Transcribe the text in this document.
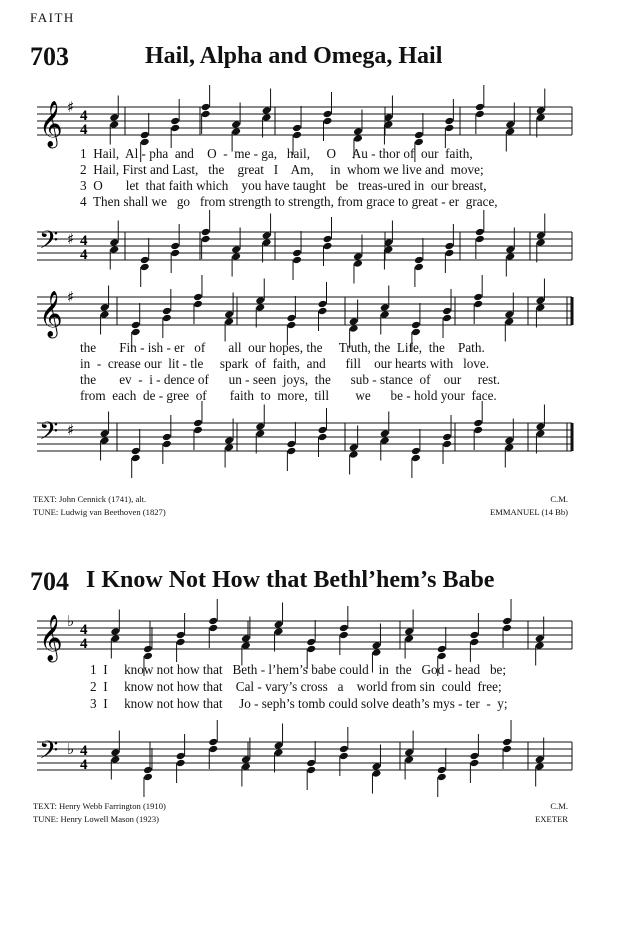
FAITH
703	Hail, Alpha and Omega, Hail
𝄞 ♯ 4
4
1  Hail,  Al - pha  and    O  -  me - ga,   hail,     O     Au - thor of  our  faith,
2  Hail, First and Last,   the    great   I    Am,     in  whom we live and  move;
3  O       let  that faith which    you have taught   be   treas-ured in  our breast,
4  Then shall we   go   from strength to strength, from grace to great - er  grace,
𝄢 ♯ 4
4
𝄞 ♯
the       Fin - ish - er   of       all  our hopes, the     Truth, the  Life,  the    Path.
in  -  crease our  lit - tle     spark  of  faith,  and      fill    our hearts with   love.
the       ev  -  i - dence of      un - seen  joys,  the      sub - stance  of    our     rest.
from  each  de - gree  of       faith  to  more,  till        we      be - hold your  face.
𝄢 ♯
TEXT: John Cennick (1741), alt.
TUNE: Ludwig van Beethoven (1827)
C.M.
EMMANUEL (14 Bb)
704 I Know Not How that Bethl’hem’s Babe
𝄞 ♭ 4
4
1  I     know not how that   Beth - l’hem’s babe could   in  the   God - head   be;
2  I     know not how that    Cal - vary’s cross   a    world from sin  could  free;
3  I     know not how that     Jo - seph’s tomb could solve death’s mys - ter  -  y;
𝄢 ♭ 4
4
TEXT: Henry Webb Farrington (1910)
TUNE: Henry Lowell Mason (1923)
C.M.
EXETER
